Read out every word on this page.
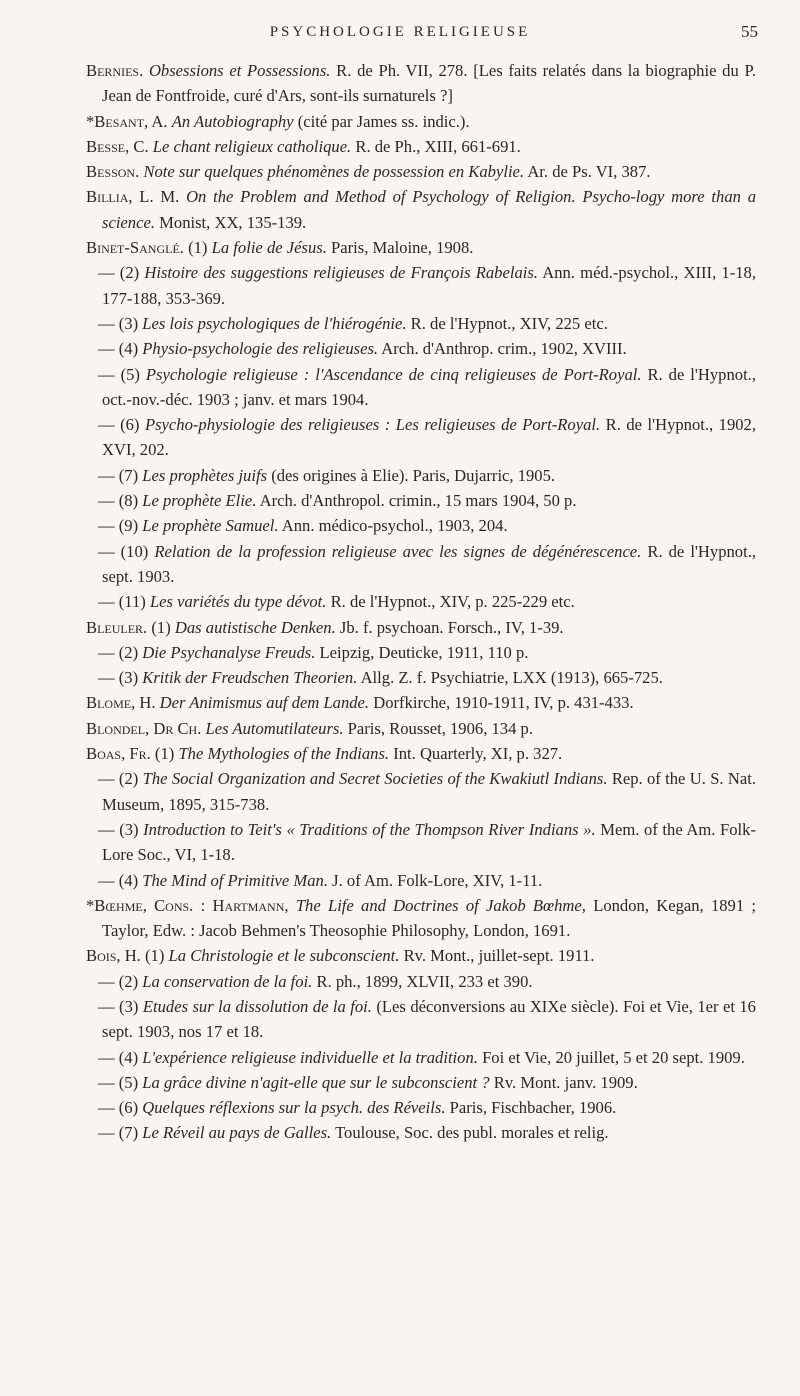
PSYCHOLOGIE RELIGIEUSE	55
Bernies. Obsessions et Possessions. R. de Ph. VII, 278. [Les faits relatés dans la biographie du P. Jean de Fontfroide, curé d'Ars, sont-ils surnaturels ?]
*Besant, A. An Autobiography (cité par James ss. indic.).
Besse, C. Le chant religieux catholique. R. de Ph., XIII, 661-691.
Besson. Note sur quelques phénomènes de possession en Kabylie. Ar. de Ps. VI, 387.
Billia, L. M. On the Problem and Method of Psychology of Religion. Psycho-logy more than a science. Monist, XX, 135-139.
Binet-Sanglé. (1) La folie de Jésus. Paris, Maloine, 1908.
— (2) Histoire des suggestions religieuses de François Rabelais. Ann. méd.-psychol., XIII, 1-18, 177-188, 353-369.
— (3) Les lois psychologiques de l'hiérogénie. R. de l'Hypnot., XIV, 225 etc.
— (4) Physio-psychologie des religieuses. Arch. d'Anthrop. crim., 1902, XVIII.
— (5) Psychologie religieuse : l'Ascendance de cinq religieuses de Port-Royal. R. de l'Hypnot., oct.-nov.-déc. 1903 ; janv. et mars 1904.
— (6) Psycho-physiologie des religieuses : Les religieuses de Port-Royal. R. de l'Hypnot., 1902, XVI, 202.
— (7) Les prophètes juifs (des origines à Elie). Paris, Dujarric, 1905.
— (8) Le prophète Elie. Arch. d'Anthropol. crimin., 15 mars 1904, 50 p.
— (9) Le prophète Samuel. Ann. médico-psychol., 1903, 204.
— (10) Relation de la profession religieuse avec les signes de dégénérescence. R. de l'Hypnot., sept. 1903.
— (11) Les variétés du type dévot. R. de l'Hypnot., XIV, p. 225-229 etc.
Bleuler. (1) Das autistische Denken. Jb. f. psychoan. Forsch., IV, 1-39.
— (2) Die Psychanalyse Freuds. Leipzig, Deuticke, 1911, 110 p.
— (3) Kritik der Freudschen Theorien. Allg. Z. f. Psychiatrie, LXX (1913), 665-725.
Blome, H. Der Animismus auf dem Lande. Dorfkirche, 1910-1911, IV, p. 431-433.
Blondel, Dr Ch. Les Automutilateurs. Paris, Rousset, 1906, 134 p.
Boas, Fr. (1) The Mythologies of the Indians. Int. Quarterly, XI, p. 327.
— (2) The Social Organization and Secret Societies of the Kwakiutl Indians. Rep. of the U. S. Nat. Museum, 1895, 315-738.
— (3) Introduction to Teit's « Traditions of the Thompson River Indians ». Mem. of the Am. Folk-Lore Soc., VI, 1-18.
— (4) The Mind of Primitive Man. J. of Am. Folk-Lore, XIV, 1-11.
*Bœhme, Cons. : Hartmann, The Life and Doctrines of Jakob Bœhme, London, Kegan, 1891 ; Taylor, Edw. : Jacob Behmen's Theosophie Philosophy, London, 1691.
Bois, H. (1) La Christologie et le subconscient. Rv. Mont., juillet-sept. 1911.
— (2) La conservation de la foi. R. ph., 1899, XLVII, 233 et 390.
— (3) Etudes sur la dissolution de la foi. (Les déconversions au XIXe siècle). Foi et Vie, 1er et 16 sept. 1903, nos 17 et 18.
— (4) L'expérience religieuse individuelle et la tradition. Foi et Vie, 20 juillet, 5 et 20 sept. 1909.
— (5) La grâce divine n'agit-elle que sur le subconscient ? Rv. Mont. janv. 1909.
— (6) Quelques réflexions sur la psych. des Réveils. Paris, Fischbacher, 1906.
— (7) Le Réveil au pays de Galles. Toulouse, Soc. des publ. morales et relig.
